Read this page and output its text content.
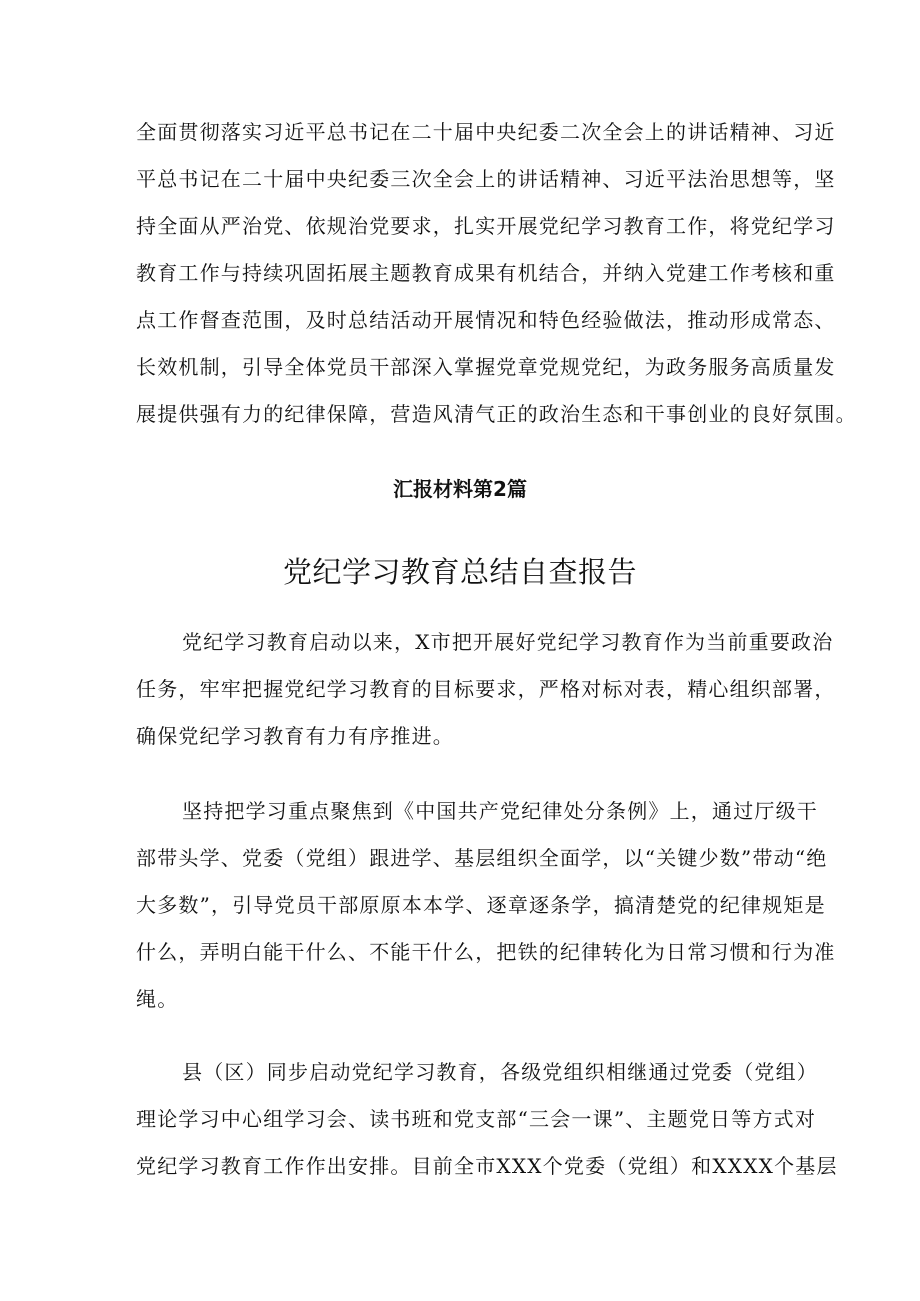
全面贯彻落实习近平总书记在二十届中央纪委二次全会上的讲话精神、习近
平总书记在二十届中央纪委三次全会上的讲话精神、习近平法治思想等，坚
持全面从严治党、依规治党要求，扎实开展党纪学习教育工作，将党纪学习
教育工作与持续巩固拓展主题教育成果有机结合，并纳入党建工作考核和重
点工作督查范围，及时总结活动开展情况和特色经验做法，推动形成常态、
长效机制，引导全体党员干部深入掌握党章党规党纪，为政务服务高质量发
展提供强有力的纪律保障，营造风清气正的政治生态和干事创业的良好氛围。
汇报材料第2篇
党纪学习教育总结自查报告
党纪学习教育启动以来，X市把开展好党纪学习教育作为当前重要政治
任务，牢牢把握党纪学习教育的目标要求，严格对标对表，精心组织部署，
确保党纪学习教育有力有序推进。
坚持把学习重点聚焦到《中国共产党纪律处分条例》上，通过厅级干
部带头学、党委（党组）跟进学、基层组织全面学，以“关键少数”带动“绝
大多数”，引导党员干部原原本本学、逐章逐条学，搞清楚党的纪律规矩是
什么，弄明白能干什么、不能干什么，把铁的纪律转化为日常习惯和行为准
绳。
县（区）同步启动党纪学习教育，各级党组织相继通过党委（党组）
理论学习中心组学习会、读书班和党支部“三会一课”、主题党日等方式对
党纪学习教育工作作出安排。目前全市XXX个党委（党组）和XXXX个基层
